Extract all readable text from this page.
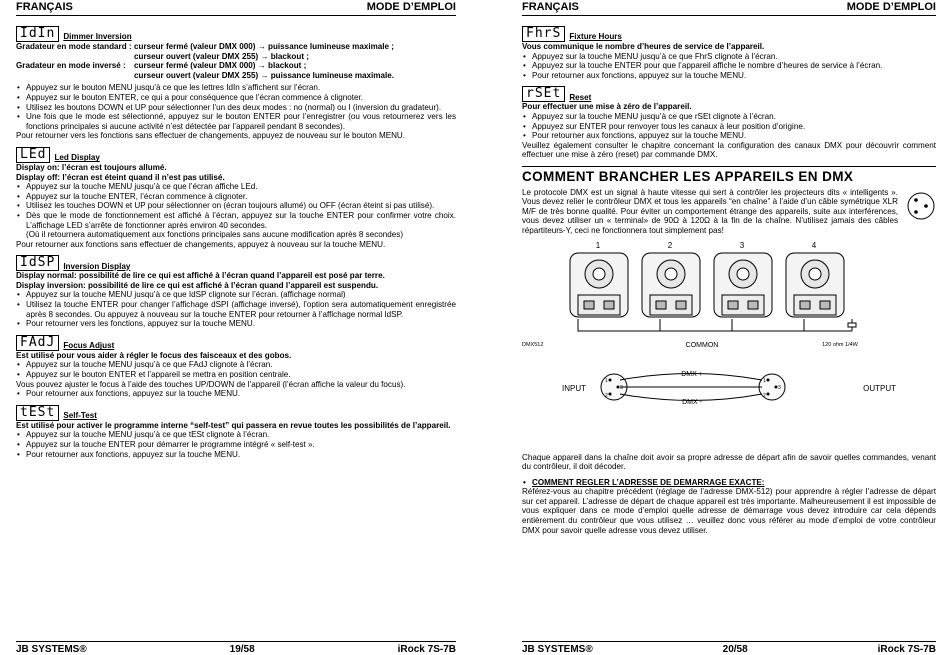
FRANÇAIS	MODE D’EMPLOI
IdIn Dimmer Inversion
Gradateur en mode standard : curseur fermé (valeur DMX 000) → puissance lumineuse maximale ;
curseur ouvert (valeur DMX 255) → blackout ;
Gradateur en mode inversé :	curseur fermé (valeur DMX 000) → blackout ;
curseur ouvert (valeur DMX 255) → puissance lumineuse maximale.
• Appuyez sur le bouton MENU jusqu’à ce que les lettres IdIn s’affichent sur l’écran.
• Appuyez sur le bouton ENTER, ce qui a pour conséquence que l’écran commence à clignoter.
• Utilisez les boutons DOWN et UP pour sélectionner l’un des deux modes : no (normal) ou I (inversion du gradateur).
• Une fois que le mode est sélectionné, appuyez sur le bouton ENTER pour l’enregistrer (ou vous retournerez vers les fonctions principales si aucune activité n’est détectée par l’appareil pendant 8 secondes).

Pour retourner vers les fonctions sans effectuer de changements, appuyez de nouveau sur le bouton MENU.

LEd Led Display

Display on: l’écran est toujours allumé.

Display off: l’écran est éteint quand il n’est pas utilisé.

• Appuyez sur la touche MENU jusqu’à ce que l’écran affiche LEd.
• Appuyez sur la touche ENTER, l’écran commence à clignoter.
• Utilisez les touches DOWN et UP pour sélectionner on (écran toujours allumé) ou OFF (écran éteint si pas utilisé).
• Dès que le mode de fonctionnement est affiché à l’écran, appuyez sur la touche ENTER pour confirmer votre choix. L’affichage LED s’arrête de fonctionner après environ 40 secondes.

(Où il retournera automatiquement aux fonctions principales sans aucune modification après 8 secondes)

Pour retourner aux fonctions sans effectuer de changements, appuyez à nouveau sur la touche MENU.

IdSP Inversion Display

Display normal: possibilité de lire ce qui est affiché à l’écran quand l’appareil est posé par terre.

Display inversion: possibilité de lire ce qui est affiché à l’écran quand l’appareil est suspendu.

• Appuyez sur la touche MENU jusqu’à ce que IdSP clignote sur l’écran. (affichage normal)
• Utilisez la touche ENTER pour changer l’affichage dSPI (affichage inversé), l’option sera automatiquement enregistrée après 8 secondes. Ou appuyez à nouveau sur la touche ENTER pour retourner à l’affichage normal IdSP.
• Pour retourner vers les fonctions, appuyez sur la touche MENU.
FAdJ Focus Adjust

Est utilisé pour vous aider à régler le focus des faisceaux et des gobos.

• Appuyez sur la touche MENU jusqu’à ce que FAdJ clignote à l’écran.
• Appuyez sur le bouton ENTER et l’appareil se mettra en position centrale.

Vous pouvez ajuster le focus à l’aide des touches UP/DOWN de l’appareil (l’écran affiche la valeur du focus).

• Pour retourner aux fonctions, appuyez sur la touche MENU.
tESt Self-Test

Est utilisé pour activer le programme interne “self-test” qui passera en revue toutes les possibilités de l’appareil.

• Appuyez sur la touche MENU jusqu’à ce que tESt clignote à l’écran.
• Appuyez sur la touche ENTER pour démarrer le programme intégré « self-test ».
• Pour retourner aux fonctions, appuyez sur la touche MENU.
JB SYSTEMS®	19/58	iRock 7S-7B
FRANÇAIS	MODE D’EMPLOI
FhrS Fixture Hours

Vous communique le nombre d’heures de service de l’appareil.

• Appuyez sur la touche MENU jusqu’à ce que FhrS clignote à l’écran.
• Appuyez sur la touche ENTER pour que l’appareil affiche le nombre d’heures de service à l’écran.
• Pour retourner aux fonctions, appuyez sur la touche MENU.
rSEt Reset

Pour effectuer une mise à zéro de l’appareil.

• Appuyez sur la touche MENU jusqu’à ce que rSEt clignote à l’écran.
• Appuyez sur ENTER pour renvoyer tous les canaux à leur position d’origine.
• Pour retourner aux fonctions, appuyez sur la touche MENU.

Veuillez également consulter le chapitre concernant la configuration des canaux DMX pour découvrir comment effectuer une mise à zéro (reset) par commande DMX.

COMMENT BRANCHER LES APPAREILS EN DMX

Le protocole DMX est un signal à haute vitesse qui sert à contrôler les projecteurs dits « intelligents ». Vous devez relier le contrôleur DMX et tous les appareils “en chaîne” à l’aide d’un câble symétrique XLR M/F de très bonne qualité. Pour éviter un comportement étrange des appareils, suite aux interférences, vous devez utiliser un « terminal» de 90Ω à 120Ω à la fin de la chaîne. N’utilisez jamais des câbles répartiteurs-Y, ceci ne fonctionnera tout simplement pas!

1	2	3	4
DMX512	COMMON	120 ohm 1/4W
INPUT	OUTPUT
1
3
2
1
3
2
DMX +
DMX -

Chaque appareil dans la chaîne doit avoir sa propre adresse de départ afin de savoir quelles commandes, venant du contrôleur, il doit décoder.

• COMMENT REGLER L’ADRESSE DE DEMARRAGE EXACTE:

Référez-vous au chapitre précédent (réglage de l’adresse DMX-512) pour apprendre à régler l’adresse de départ sur cet appareil. L’adresse de départ de chaque appareil est très importante. Malheureusement il est impossible de vous expliquer dans ce mode d’emploi quelle adresse de démarrage vous devez introduire car cela dépends entièrement du contrôleur que vous utilisez … veuillez donc vous référer au mode d’emploi de votre contrôleur DMX pour savoir quelle adresse vous devez utiliser.

JB SYSTEMS®	20/58	iRock 7S-7B
